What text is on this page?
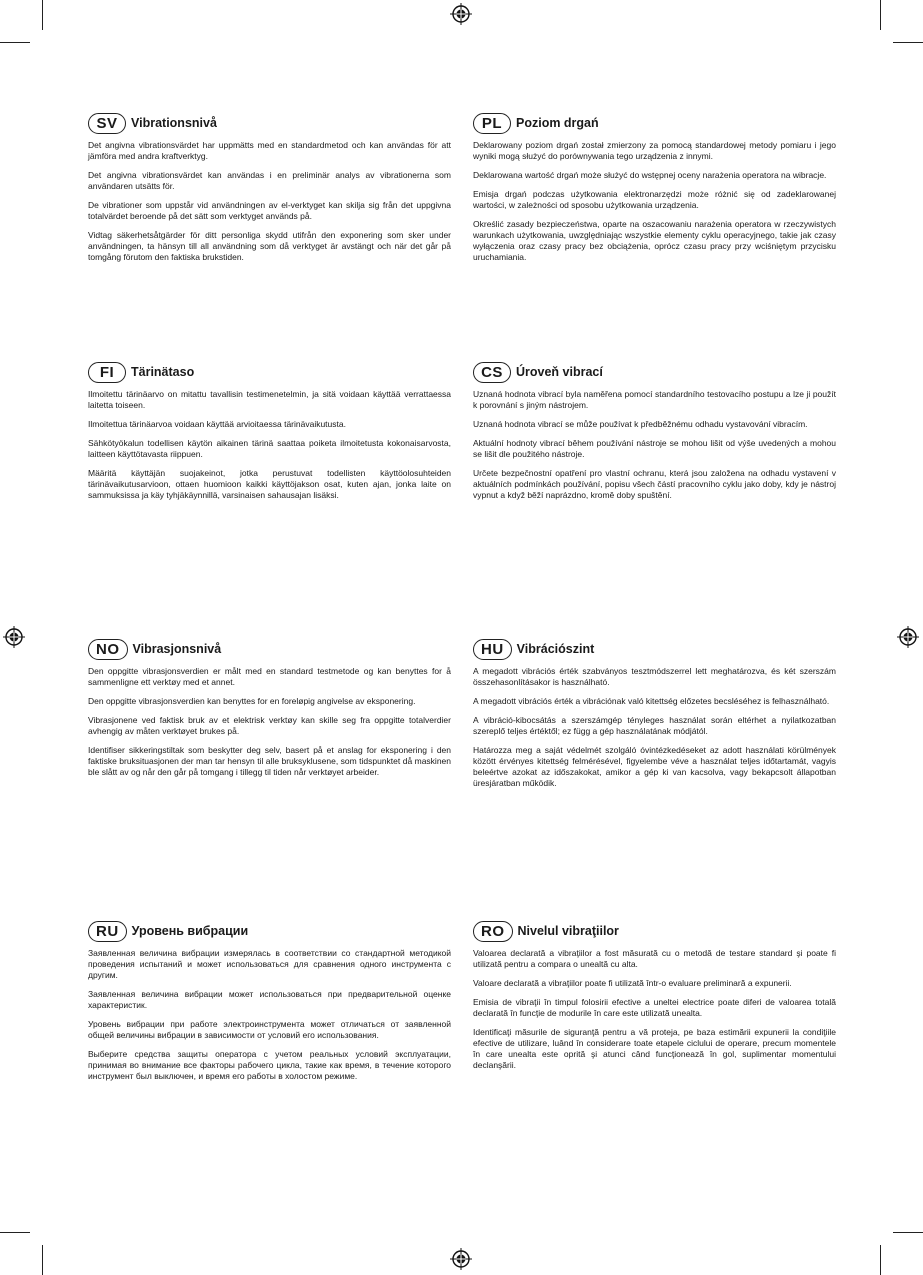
SV	Vibrationsnivå

Det angivna vibrationsvärdet har uppmätts med en standardmetod och kan användas för att jämföra med andra kraftverktyg.

Det angivna vibrationsvärdet kan användas i en preliminär analys av vibrationerna som användaren utsätts för.

De vibrationer som uppstår vid användningen av el-verktyget kan skilja sig från det uppgivna totalvärdet beroende på det sätt som verktyget används på.

Vidtag säkerhetsåtgärder för ditt personliga skydd utifrån den exponering som sker under användningen, ta hänsyn till all användning som då verktyget är avstängt och när det går på tomgång förutom den faktiska brukstiden.

PL	Poziom drgań

Deklarowany poziom drgań został zmierzony za pomocą standardowej metody pomiaru i jego wyniki mogą służyć do porównywania tego urządzenia z innymi.

Deklarowana wartość drgań może służyć do wstępnej oceny narażenia operatora na wibracje.

Emisja drgań podczas użytkowania elektronarzędzi może różnić się od zadeklarowanej wartości, w zależności od sposobu użytkowania urządzenia.

Określić zasady bezpieczeństwa, oparte na oszacowaniu narażenia operatora w rzeczywistych warunkach użytkowania, uwzględniając wszystkie elementy cyklu operacyjnego, takie jak czasy wyłączenia oraz czasy pracy bez obciążenia, oprócz czasu pracy przy wciśniętym przycisku uruchamiania.

FI	Tärinätaso

Ilmoitettu tärinäarvo on mitattu tavallisin testimenetelmin, ja sitä voidaan käyttää verrattaessa laitetta toiseen.

Ilmoitettua tärinäarvoa voidaan käyttää arvioitaessa tärinävaikutusta.

Sähkötyökalun todellisen käytön aikainen tärinä saattaa poiketa ilmoitetusta kokonaisarvosta, laitteen käyttötavasta riippuen.

Määritä käyttäjän suojakeinot, jotka perustuvat todellisten käyttöolosuhteiden tärinävaikutusarvioon, ottaen huomioon kaikki käyttöjakson osat, kuten ajan, jonka laite on sammuksissa ja käy tyhjäkäynnillä, varsinaisen sahausajan lisäksi.

CS	Úroveň vibrací

Uznaná hodnota vibrací byla naměřena pomocí standardního testovacího postupu a lze ji použít k porovnání s jiným nástrojem.

Uznaná hodnota vibrací se může používat k předběžnému odhadu vystavování vibracím.

Aktuální hodnoty vibrací během používání nástroje se mohou lišit od výše uvedených a mohou se lišit dle použitého nástroje.

Určete bezpečnostní opatření pro vlastní ochranu, která jsou založena na odhadu vystavení v aktuálních podmínkách používání, popisu všech částí pracovního cyklu jako doby, kdy je nástroj vypnut a když běží naprázdno, kromě doby spuštění.

NO	Vibrasjonsnivå

Den oppgitte vibrasjonsverdien er målt med en standard testmetode og kan benyttes for å sammenligne ett verktøy med et annet.

Den oppgitte vibrasjonsverdien kan benyttes for en foreløpig angivelse av eksponering.

Vibrasjonene ved faktisk bruk av et elektrisk verktøy kan skille seg fra oppgitte totalverdier avhengig av måten verktøyet brukes på.

Identifiser sikkeringstiltak som beskytter deg selv, basert på et anslag for eksponering i den faktiske bruksituasjonen der man tar hensyn til alle bruksyklusene, som tidspunktet då maskinen ble slått av og når den går på tomgang i tillegg til tiden når verktøyet arbeider.

HU	Vibrációszint

A megadott vibrációs érték szabványos tesztmódszerrel lett meghatározva, és két szerszám összehasonlításakor is használható.

A megadott vibrációs érték a vibrációnak való kitettség előzetes becsléséhez is felhasználható.

A vibráció-kibocsátás a szerszámgép tényleges használat során eltérhet a nyilatkozatban szereplő teljes értéktől; ez függ a gép használatának módjától.

Határozza meg a saját védelmét szolgáló óvintézkedéseket az adott használati körülmények között érvényes kitettség felmérésével, figyelembe véve a használat teljes időtartamát, vagyis beleértve azokat az időszakokat, amikor a gép ki van kacsolva, vagy bekapcsolt állapotban üresjáratban működik.

RU	Уровень вибрации

Заявленная величина вибрации измерялась в соответствии со стандартной методикой проведения испытаний и может использоваться для сравнения одного инструмента с другим.

Заявленная величина вибрации может использоваться при предварительной оценке характеристик.

Уровень вибрации при работе электроинструмента может отличаться от заявленной общей величины вибрации в зависимости от условий его использования.

Выберите средства защиты оператора с учетом реальных условий эксплуатации, принимая во внимание все факторы рабочего цикла, такие как время, в течение которого инструмент был выключен, и время его работы в холостом режиме.

RO	Nivelul vibraţiilor

Valoarea declarată a vibraţiilor a fost măsurată cu o metodă de testare standard şi poate fi utilizată pentru a compara o unealtă cu alta.

Valoare declarată a vibraţiilor poate fi utilizată într-o evaluare preliminară a expunerii.

Emisia de vibraţii în timpul folosirii efective a uneltei electrice poate diferi de valoarea totală declarată în funcţie de modurile în care este utilizată unealta.

Identificaţi măsurile de siguranţă pentru a vă proteja, pe baza estimării expunerii la condiţiile efective de utilizare, luând în considerare toate etapele ciclului de operare, precum momentele în care unealta este oprită şi atunci când funcţionează în gol, suplimentar momentului declanşării.
